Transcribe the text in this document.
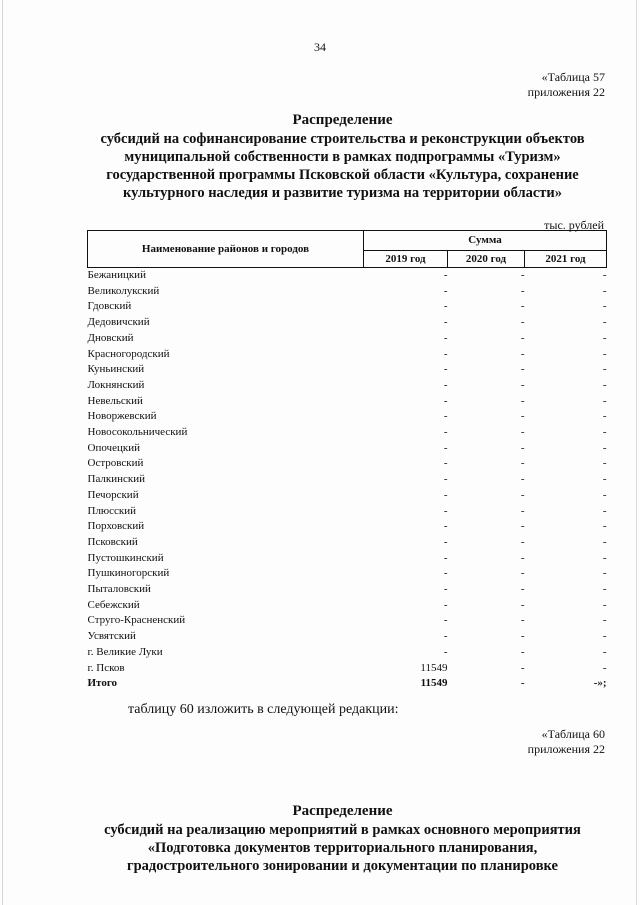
34
«Таблица 57
приложения 22
Распределение
субсидий на софинансирование строительства и реконструкции объектов
муниципальной собственности в рамках подпрограммы «Туризм»
государственной программы Псковской области «Культура, сохранение
культурного наследия и развитие туризма на территории области»
тыс. рублей
Наименование районов и городов	Сумма		
	2019 год	2020 год	2021 год
Бежаницкий	-	-	-
Великолукский	-	-	-
Гдовский	-	-	-
Дедовичский	-	-	-
Дновский	-	-	-
Красногородский	-	-	-
Куньинский	-	-	-
Локнянский	-	-	-
Невельский	-	-	-
Новоржевский	-	-	-
Новосокольнический	-	-	-
Опочецкий	-	-	-
Островский	-	-	-
Палкинский	-	-	-
Печорский	-	-	-
Плюсский	-	-	-
Порховский	-	-	-
Псковский	-	-	-
Пустошкинский	-	-	-
Пушкиногорский	-	-	-
Пыталовский	-	-	-
Себежский	-	-	-
Струго-Красненский	-	-	-
Усвятский	-	-	-
г. Великие Луки	-	-	-
г. Псков	11549	-	-
Итого	11549	-	-»;
таблицу 60 изложить в следующей редакции:
«Таблица 60
приложения 22
Распределение
субсидий на реализацию мероприятий в рамках основного мероприятия
«Подготовка документов территориального планирования,
градостроительного зонировании и документации по планировке
